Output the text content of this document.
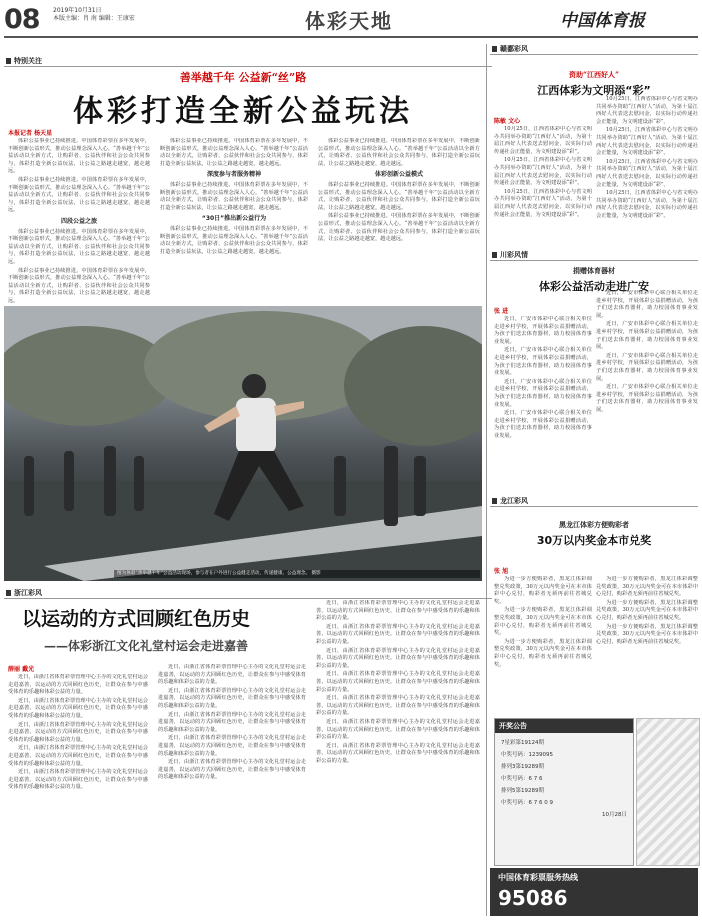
08 2019年10月31日
本版主编：肖 南 编辑：王康宏	体彩天地	中国体育报
特别关注
善举越千年 公益新“丝”路
体彩打造全新公益玩法
本报记者 杨天星

体彩公益事业已持续推进。中国体育彩票在多年发展中，不断创新公益形式，推动公益理念深入人心。“善举越千年”公益活动以全新方式，让购彩者、公益伙伴和社会公众共同参与，体彩打造全新公益玩法，让公益之路越走越宽，越走越远。

体彩公益事业已持续推进。中国体育彩票在多年发展中，不断创新公益形式，推动公益理念深入人心。“善举越千年”公益活动以全新方式，让购彩者、公益伙伴和社会公众共同参与，体彩打造全新公益玩法，让公益之路越走越宽，越走越远。

四段公益之旅

体彩公益事业已持续推进。中国体育彩票在多年发展中，不断创新公益形式，推动公益理念深入人心。“善举越千年”公益活动以全新方式，让购彩者、公益伙伴和社会公众共同参与，体彩打造全新公益玩法，让公益之路越走越宽，越走越远。

体彩公益事业已持续推进。中国体育彩票在多年发展中，不断创新公益形式，推动公益理念深入人心。“善举越千年”公益活动以全新方式，让购彩者、公益伙伴和社会公众共同参与，体彩打造全新公益玩法，让公益之路越走越宽，越走越远。

体彩公益事业已持续推进。中国体育彩票在多年发展中，不断创新公益形式，推动公益理念深入人心。“善举越千年”公益活动以全新方式，让购彩者、公益伙伴和社会公众共同参与，体彩打造全新公益玩法，让公益之路越走越宽，越走越远。

深度参与者服务精神

体彩公益事业已持续推进。中国体育彩票在多年发展中，不断创新公益形式，推动公益理念深入人心。“善举越千年”公益活动以全新方式，让购彩者、公益伙伴和社会公众共同参与，体彩打造全新公益玩法，让公益之路越走越宽，越走越远。

“30日”推出新公益行为

体彩公益事业已持续推进。中国体育彩票在多年发展中，不断创新公益形式，推动公益理念深入人心。“善举越千年”公益活动以全新方式，让购彩者、公益伙伴和社会公众共同参与，体彩打造全新公益玩法，让公益之路越走越宽，越走越远。

体彩公益事业已持续推进。中国体育彩票在多年发展中，不断创新公益形式，推动公益理念深入人心。“善举越千年”公益活动以全新方式，让购彩者、公益伙伴和社会公众共同参与，体彩打造全新公益玩法，让公益之路越走越宽，越走越远。

体彩创新公益模式

体彩公益事业已持续推进。中国体育彩票在多年发展中，不断创新公益形式，推动公益理念深入人心。“善举越千年”公益活动以全新方式，让购彩者、公益伙伴和社会公众共同参与，体彩打造全新公益玩法，让公益之路越走越宽，越走越远。

体彩公益事业已持续推进。中国体育彩票在多年发展中，不断创新公益形式，推动公益理念深入人心。“善举越千年”公益活动以全新方式，让购彩者、公益伙伴和社会公众共同参与，体彩打造全新公益玩法，让公益之路越走越宽，越走越远。

图为体彩“善举越千年”公益活动现场，参与者在户外进行公益健走活动，传递健康、公益理念。 摄影
浙江彩风
以运动的方式回顾红色历史
——体彩浙江文化礼堂村运会走进嘉善
薛丽 戴光

近日，由浙江省体育彩票管理中心主办的文化礼堂村运会走进嘉善，以运动的方式回顾红色历史，让群众在参与中感受体育的乐趣和体彩公益的力量。

近日，由浙江省体育彩票管理中心主办的文化礼堂村运会走进嘉善，以运动的方式回顾红色历史，让群众在参与中感受体育的乐趣和体彩公益的力量。

近日，由浙江省体育彩票管理中心主办的文化礼堂村运会走进嘉善，以运动的方式回顾红色历史，让群众在参与中感受体育的乐趣和体彩公益的力量。

近日，由浙江省体育彩票管理中心主办的文化礼堂村运会走进嘉善，以运动的方式回顾红色历史，让群众在参与中感受体育的乐趣和体彩公益的力量。

近日，由浙江省体育彩票管理中心主办的文化礼堂村运会走进嘉善，以运动的方式回顾红色历史，让群众在参与中感受体育的乐趣和体彩公益的力量。

近日，由浙江省体育彩票管理中心主办的文化礼堂村运会走进嘉善，以运动的方式回顾红色历史，让群众在参与中感受体育的乐趣和体彩公益的力量。

近日，由浙江省体育彩票管理中心主办的文化礼堂村运会走进嘉善，以运动的方式回顾红色历史，让群众在参与中感受体育的乐趣和体彩公益的力量。

近日，由浙江省体育彩票管理中心主办的文化礼堂村运会走进嘉善，以运动的方式回顾红色历史，让群众在参与中感受体育的乐趣和体彩公益的力量。

近日，由浙江省体育彩票管理中心主办的文化礼堂村运会走进嘉善，以运动的方式回顾红色历史，让群众在参与中感受体育的乐趣和体彩公益的力量。

近日，由浙江省体育彩票管理中心主办的文化礼堂村运会走进嘉善，以运动的方式回顾红色历史，让群众在参与中感受体育的乐趣和体彩公益的力量。

近日，由浙江省体育彩票管理中心主办的文化礼堂村运会走进嘉善，以运动的方式回顾红色历史，让群众在参与中感受体育的乐趣和体彩公益的力量。

近日，由浙江省体育彩票管理中心主办的文化礼堂村运会走进嘉善，以运动的方式回顾红色历史，让群众在参与中感受体育的乐趣和体彩公益的力量。

近日，由浙江省体育彩票管理中心主办的文化礼堂村运会走进嘉善，以运动的方式回顾红色历史，让群众在参与中感受体育的乐趣和体彩公益的力量。

近日，由浙江省体育彩票管理中心主办的文化礼堂村运会走进嘉善，以运动的方式回顾红色历史，让群众在参与中感受体育的乐趣和体彩公益的力量。

近日，由浙江省体育彩票管理中心主办的文化礼堂村运会走进嘉善，以运动的方式回顾红色历史，让群众在参与中感受体育的乐趣和体彩公益的力量。

近日，由浙江省体育彩票管理中心主办的文化礼堂村运会走进嘉善，以运动的方式回顾红色历史，让群众在参与中感受体育的乐趣和体彩公益的力量。

近日，由浙江省体育彩票管理中心主办的文化礼堂村运会走进嘉善，以运动的方式回顾红色历史，让群众在参与中感受体育的乐趣和体彩公益的力量。

赣鄱彩风
资助“江西好人”
江西体彩为文明添“彩”
陈敏 文心

10月25日，江西省体彩中心与省文明办共同举办资助“江西好人”活动，为第十届江西好人代表送去慰问金，以实际行动传递社会正能量，为文明建设添“彩”。

10月25日，江西省体彩中心与省文明办共同举办资助“江西好人”活动，为第十届江西好人代表送去慰问金，以实际行动传递社会正能量，为文明建设添“彩”。

10月25日，江西省体彩中心与省文明办共同举办资助“江西好人”活动，为第十届江西好人代表送去慰问金，以实际行动传递社会正能量，为文明建设添“彩”。

10月25日，江西省体彩中心与省文明办共同举办资助“江西好人”活动，为第十届江西好人代表送去慰问金，以实际行动传递社会正能量，为文明建设添“彩”。

10月25日，江西省体彩中心与省文明办共同举办资助“江西好人”活动，为第十届江西好人代表送去慰问金，以实际行动传递社会正能量，为文明建设添“彩”。

10月25日，江西省体彩中心与省文明办共同举办资助“江西好人”活动，为第十届江西好人代表送去慰问金，以实际行动传递社会正能量，为文明建设添“彩”。

10月25日，江西省体彩中心与省文明办共同举办资助“江西好人”活动，为第十届江西好人代表送去慰问金，以实际行动传递社会正能量，为文明建设添“彩”。

川彩风情
捐赠体育器材
体彩公益活动走进广安
张 进

近日，广安市体彩中心联合相关单位走进乡村学校，开展体彩公益捐赠活动，为孩子们送去体育器材，助力校园体育事业发展。

近日，广安市体彩中心联合相关单位走进乡村学校，开展体彩公益捐赠活动，为孩子们送去体育器材，助力校园体育事业发展。

近日，广安市体彩中心联合相关单位走进乡村学校，开展体彩公益捐赠活动，为孩子们送去体育器材，助力校园体育事业发展。

近日，广安市体彩中心联合相关单位走进乡村学校，开展体彩公益捐赠活动，为孩子们送去体育器材，助力校园体育事业发展。

近日，广安市体彩中心联合相关单位走进乡村学校，开展体彩公益捐赠活动，为孩子们送去体育器材，助力校园体育事业发展。

近日，广安市体彩中心联合相关单位走进乡村学校，开展体彩公益捐赠活动，为孩子们送去体育器材，助力校园体育事业发展。

近日，广安市体彩中心联合相关单位走进乡村学校，开展体彩公益捐赠活动，为孩子们送去体育器材，助力校园体育事业发展。

近日，广安市体彩中心联合相关单位走进乡村学校，开展体彩公益捐赠活动，为孩子们送去体育器材，助力校园体育事业发展。

龙江彩风
黑龙江体彩方便购彩者
30万以内奖金本市兑奖
张 旭

为进一步方便购彩者，黑龙江体彩调整兑奖政策，30万元以内奖金可在本市体彩中心兑付，购彩者无须再前往省城兑奖。

为进一步方便购彩者，黑龙江体彩调整兑奖政策，30万元以内奖金可在本市体彩中心兑付，购彩者无须再前往省城兑奖。

为进一步方便购彩者，黑龙江体彩调整兑奖政策，30万元以内奖金可在本市体彩中心兑付，购彩者无须再前往省城兑奖。

为进一步方便购彩者，黑龙江体彩调整兑奖政策，30万元以内奖金可在本市体彩中心兑付，购彩者无须再前往省城兑奖。

为进一步方便购彩者，黑龙江体彩调整兑奖政策，30万元以内奖金可在本市体彩中心兑付，购彩者无须再前往省城兑奖。

为进一步方便购彩者，黑龙江体彩调整兑奖政策，30万元以内奖金可在本市体彩中心兑付，购彩者无须再前往省城兑奖。

开奖公告
7星彩第19124期
中奖号码：1239095
排列3第19289期
中奖号码：6 7 6
排列5第19289期
中奖号码：6 7 6 0 9
10月28日
中国体育彩票服务热线
95086
